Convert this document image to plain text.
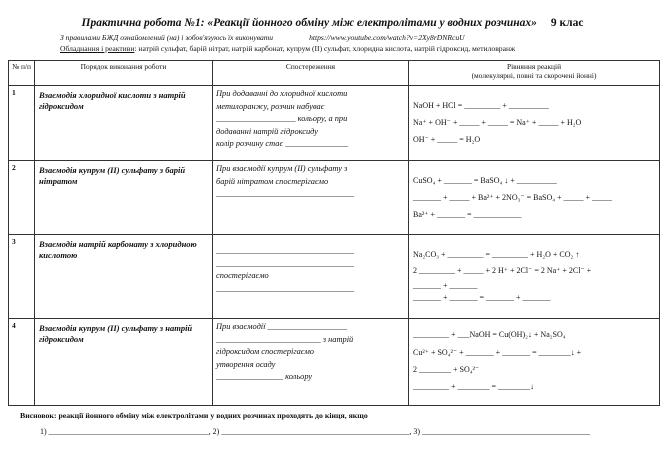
Практична робота №1: «Реакції йонного обміну між електролітами у водних розчинах» 9 клас
З правилами БЖД ознайомлений (на) і зобов'язуюсь їх виконувати	https://www.youtube.com/watch?v=2Xy8rDNRcuU
Обладнання і реактиви: натрій сульфат, барій нітрат, натрій карбонат, купрум (II) сульфат, хлоридна кислота, натрій гідроксид, метиловранж
№ п/п	Порядок виконання роботи	Спостереження	Рівняння реакцій
(молекулярні, повні та скорочені йонні)
1	Взаємодія хлоридної кислоти з натрій гідроксидом	При додаванні до хлоридної кислоти
метилоранжу, розчин набуває
___________________ кольору, а при
додаванні натрій гідроксиду
колір розчину стає _______________	NaOH + HCl = _________ + __________
Na⁺ + OH⁻ + _____ + _____ = Na⁺ + _____ + H₂O
OH⁻ + _____ = H₂O

2	Взаємодія купрум (II) сульфату з барій нітратом	При взаємодії купрум (II) сульфату з
барій нітратом спостерігаємо
_________________________________	CuSO₄ + _______ = BaSO₄ ↓ + __________
_______ + _____ + Ba²⁺ + 2NO₃⁻ = BaSO₄ + _____ + _____
Ba²⁺ + _______ = ____________

3	Взаємодія натрій карбонату з хлоридною кислотою	_________________________________
_________________________________
спостерігаємо
_________________________________	Na₂CO₃ + _________ = _________ + H₂O + CO₂ ↑
2 _________ + _____ + 2 H⁺ + 2Cl⁻ = 2 Na⁺ + 2Cl⁻ +
_______ + _______
_______ + _______ = _______ + _______

4	Взаємодія купрум (II) сульфату з натрій гідроксидом	При взаємодії ___________________
_________________________ з натрій
гідроксидом спостерігаємо
утворення осаду
________________ кольору	_________ + ___NaOH = Cu(OH)₂↓ + Na₂SO₄
Cu²⁺ + SO₄²⁻ + _______ + _______ = ________↓ +
2 ________ + SO₄²⁻
_________ + ________ = ________↓
Висновок: реакції йонного обміну між електролітами у водних розчинах проходять до кінця, якщо
1) ________________________________________, 2) _______________________________________________, 3) __________________________________________
